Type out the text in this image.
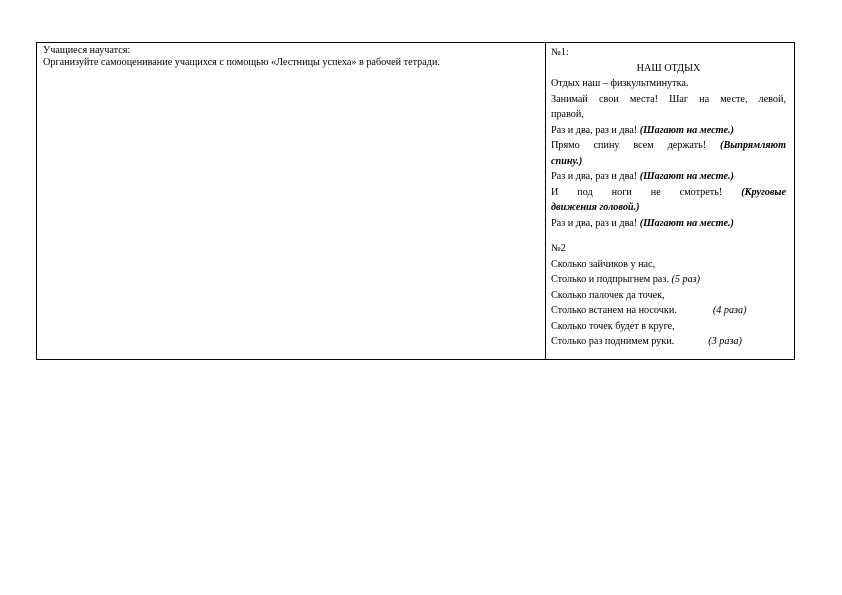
Учащиеся научатся:
Организуйте самооценивание учащихся с помощью «Лестницы успеха» в рабочей тетради.
№1:
НАШ ОТДЫХ
Отдых наш – физкультминутка.
Занимай свои места! Шаг на месте, левой,
правой,
Раз и два, раз и два! (Шагают на месте.)
Прямо спину всем держать! (Выпрямляют
спину.)
Раз и два, раз и два! (Шагают на месте.)
И под ноги не смотреть! (Круговые
движения головой.)
Раз и два, раз и два! (Шагают на месте.)
№2
Сколько зайчиков у нас,
Столько и подпрыгнем раз. (5 раз)
Сколько палочек да точек,
Столько встанем на носочки.	(4 раза)
Сколько точек будет в круге,
Столько раз поднимем руки.	(3 раза)
